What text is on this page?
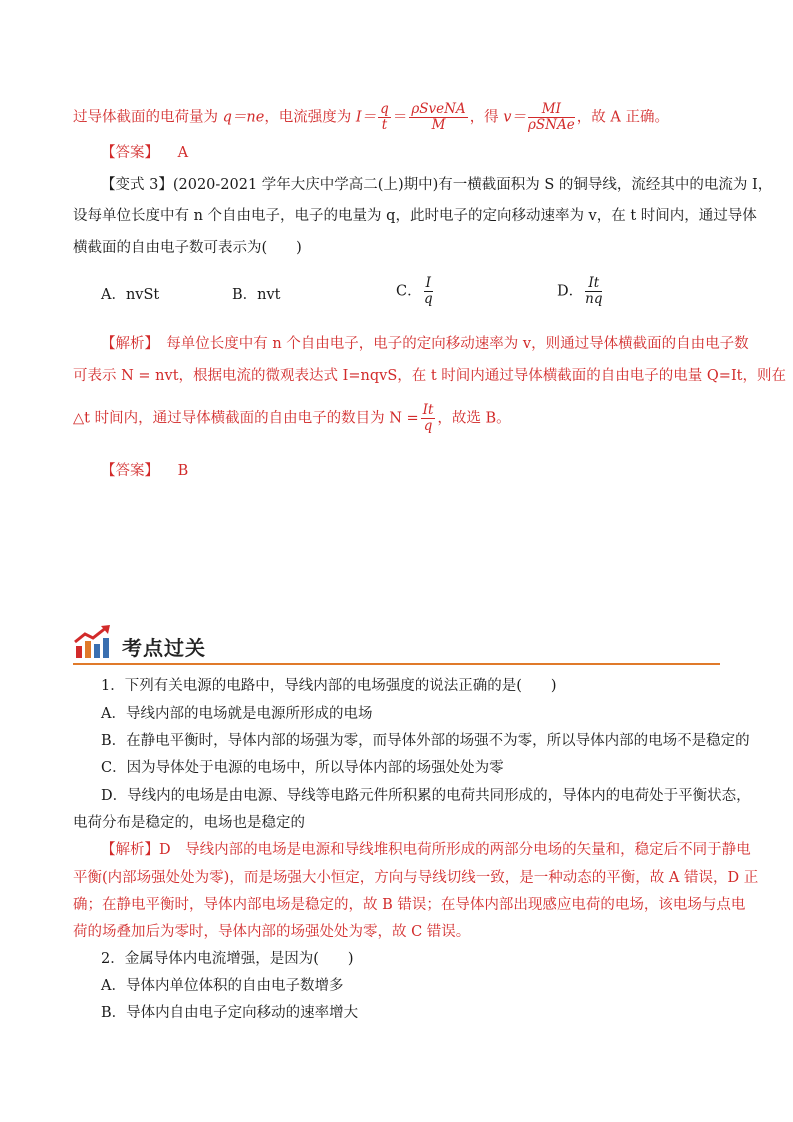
过导体截面的电荷量为 q＝ne，电流强度为 $I= \frac{q}{t} = \frac{\text{ρSveNA}}{M}$ ，得 $v= \frac{MI}{\text{ρSNAe}}$ ，故 A 正确。
【答案】 A
【变式 3】(2020-2021 学年大庆中学高二(上)期中)有一横截面积为 S 的铜导线，流经其中的电流为 I，
设每单位长度中有 n 个自由电子，电子的电量为 q，此时电子的定向移动速率为 v，在 t 时间内，通过导体
横截面的自由电子数可表示为(　　)
A．nvSt	B．nvt	C． $\frac{I}{q}$	D． $\frac{It}{nq}$
【解析】　每单位长度中有 n 个自由电子，电子的定向移动速率为 v，则通过导体横截面的自由电子数
可表示 N = nvt，根据电流的微观表达式 I=nqvS，在 t 时间内通过导体横截面的自由电子的电量 Q=It，则在
△t 时间内，通过导体横截面的自由电子的数目为 $N = \frac{It}{q}$ ，故选 B。
【答案】 B
考点过关
1．下列有关电源的电路中，导线内部的电场强度的说法正确的是(　　)
A．导线内部的电场就是电源所形成的电场
B．在静电平衡时，导体内部的场强为零，而导体外部的场强不为零，所以导体内部的电场不是稳定的
C．因为导体处于电源的电场中，所以导体内部的场强处处为零
D．导线内的电场是由电源、导线等电路元件所积累的电荷共同形成的，导体内的电荷处于平衡状态，
电荷分布是稳定的，电场也是稳定的
【解析】D　导线内部的电场是电源和导线堆积电荷所形成的两部分电场的矢量和，稳定后不同于静电
平衡(内部场强处处为零)，而是场强大小恒定，方向与导线切线一致，是一种动态的平衡，故 A 错误，D 正
确；在静电平衡时，导体内部电场是稳定的，故 B 错误；在导体内部出现感应电荷的电场，该电场与点电
荷的场叠加后为零时，导体内部的场强处处为零，故 C 错误。
2．金属导体内电流增强，是因为(　　)
A．导体内单位体积的自由电子数增多
B．导体内自由电子定向移动的速率增大
